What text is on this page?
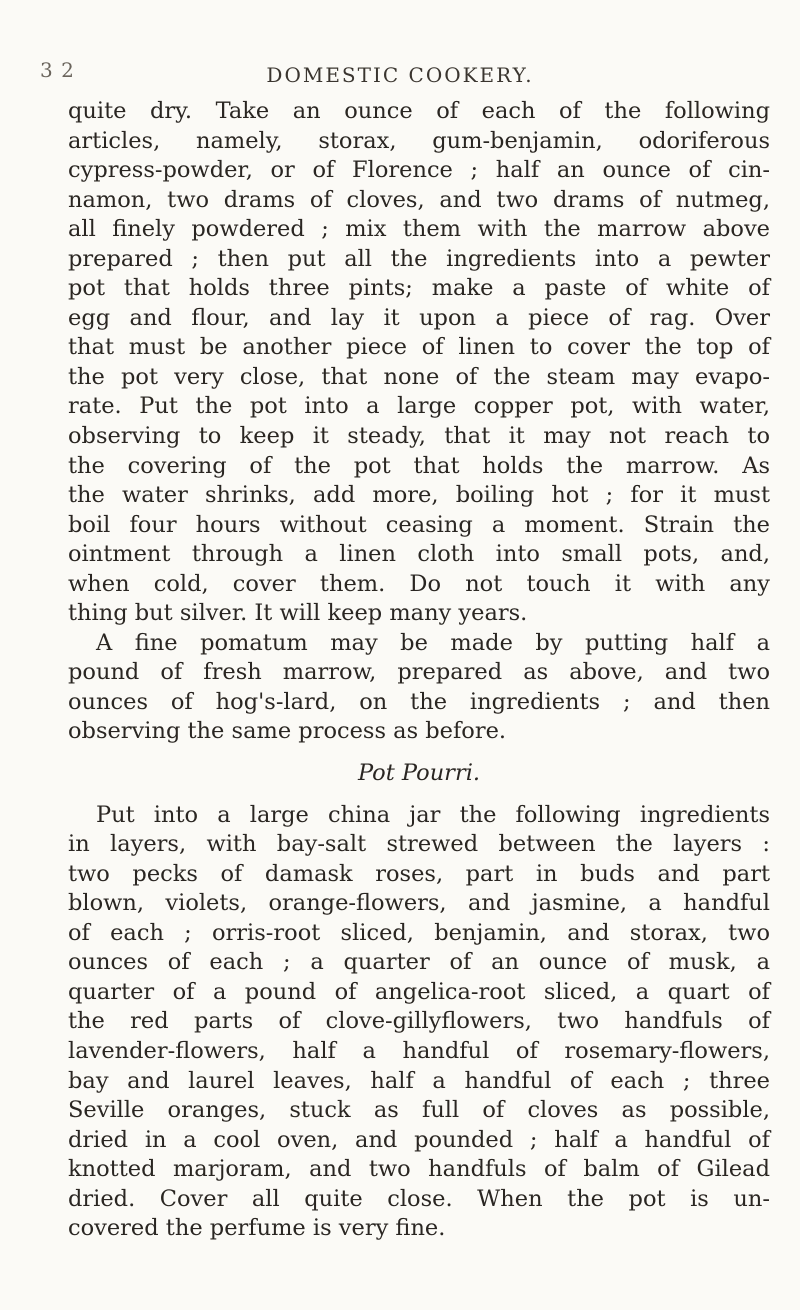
3 2	DOMESTIC COOKERY.
quite dry. Take an ounce of each of the following
articles, namely, storax, gum-benjamin, odoriferous
cypress-powder, or of Florence ; half an ounce of cin-
namon, two drams of cloves, and two drams of nutmeg,
all finely powdered ; mix them with the marrow above
prepared ; then put all the ingredients into a pewter
pot that holds three pints; make a paste of white of
egg and flour, and lay it upon a piece of rag. Over
that must be another piece of linen to cover the top of
the pot very close, that none of the steam may evapo-
rate. Put the pot into a large copper pot, with water,
observing to keep it steady, that it may not reach to
the covering of the pot that holds the marrow. As
the water shrinks, add more, boiling hot ; for it must
boil four hours without ceasing a moment. Strain the
ointment through a linen cloth into small pots, and,
when cold, cover them. Do not touch it with any
thing but silver. It will keep many years.
A fine pomatum may be made by putting half a
pound of fresh marrow, prepared as above, and two
ounces of hog's-lard, on the ingredients ; and then
observing the same process as before.
Pot Pourri.
Put into a large china jar the following ingredients
in layers, with bay-salt strewed between the layers :
two pecks of damask roses, part in buds and part
blown, violets, orange-flowers, and jasmine, a handful
of each ; orris-root sliced, benjamin, and storax, two
ounces of each ; a quarter of an ounce of musk, a
quarter of a pound of angelica-root sliced, a quart of
the red parts of clove-gillyflowers, two handfuls of
lavender-flowers, half a handful of rosemary-flowers,
bay and laurel leaves, half a handful of each ; three
Seville oranges, stuck as full of cloves as possible,
dried in a cool oven, and pounded ; half a handful of
knotted marjoram, and two handfuls of balm of Gilead
dried. Cover all quite close. When the pot is un-
covered the perfume is very fine.
